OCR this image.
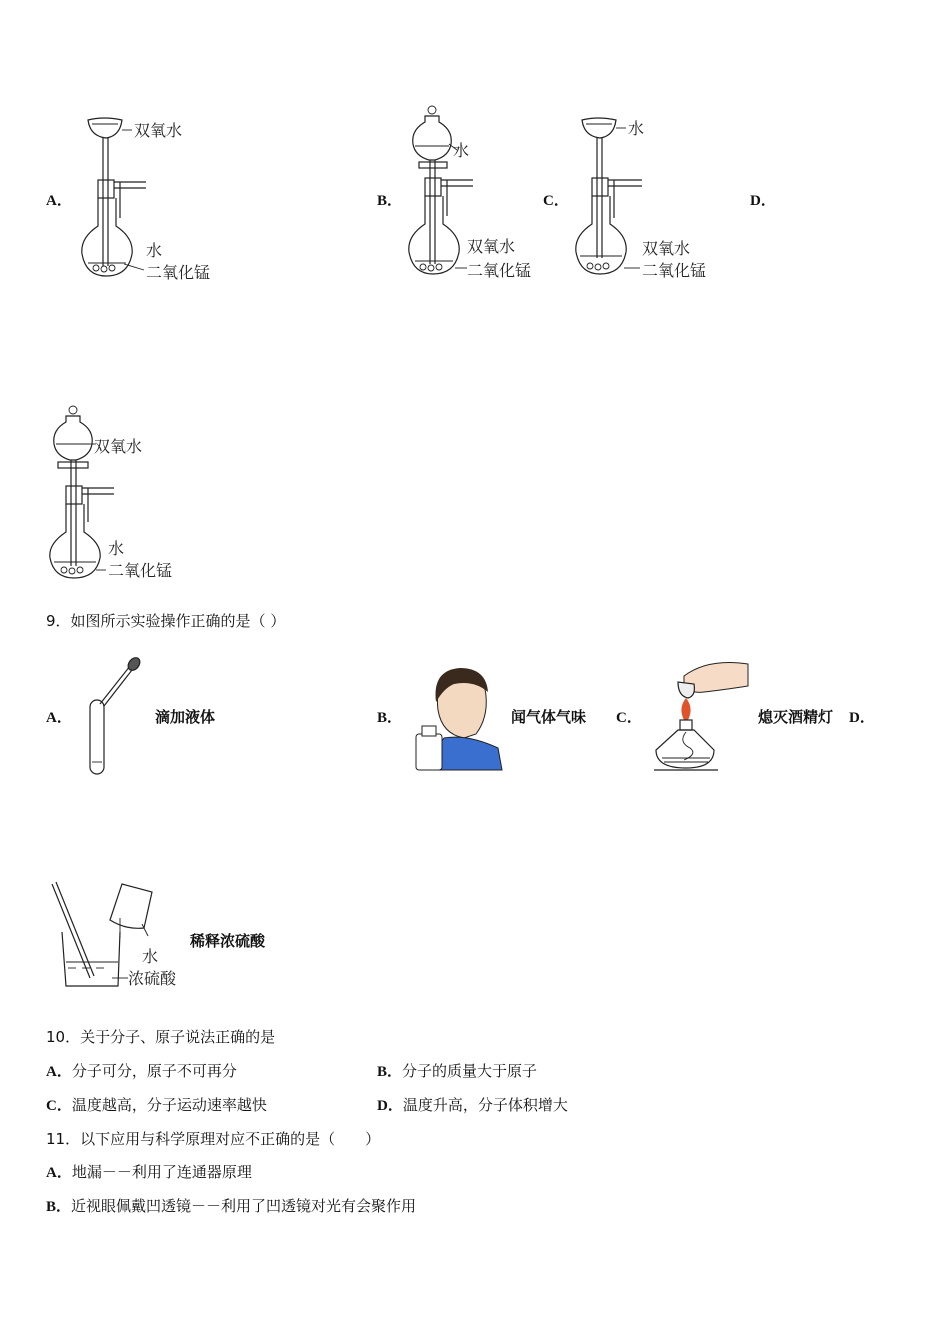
A．	B．	C．	D．
双氧水
水
二氧化锰
水
双氧水
二氧化锰
水
双氧水
二氧化锰
双氧水
水
二氧化锰
9．如图所示实验操作正确的是（ ）
A．	滴加液体	B．	闻气体气味 C．	熄灭酒精灯 D．
水
浓硫酸
稀释浓硫酸
10．关于分子、原子说法正确的是
A．分子可分，原子不可再分	B．分子的质量大于原子
C．温度越高，分子运动速率越快	D．温度升高，分子体积增大
11．以下应用与科学原理对应不正确的是（　　）
A．地漏－－利用了连通器原理
B．近视眼佩戴凹透镜－－利用了凹透镜对光有会聚作用
